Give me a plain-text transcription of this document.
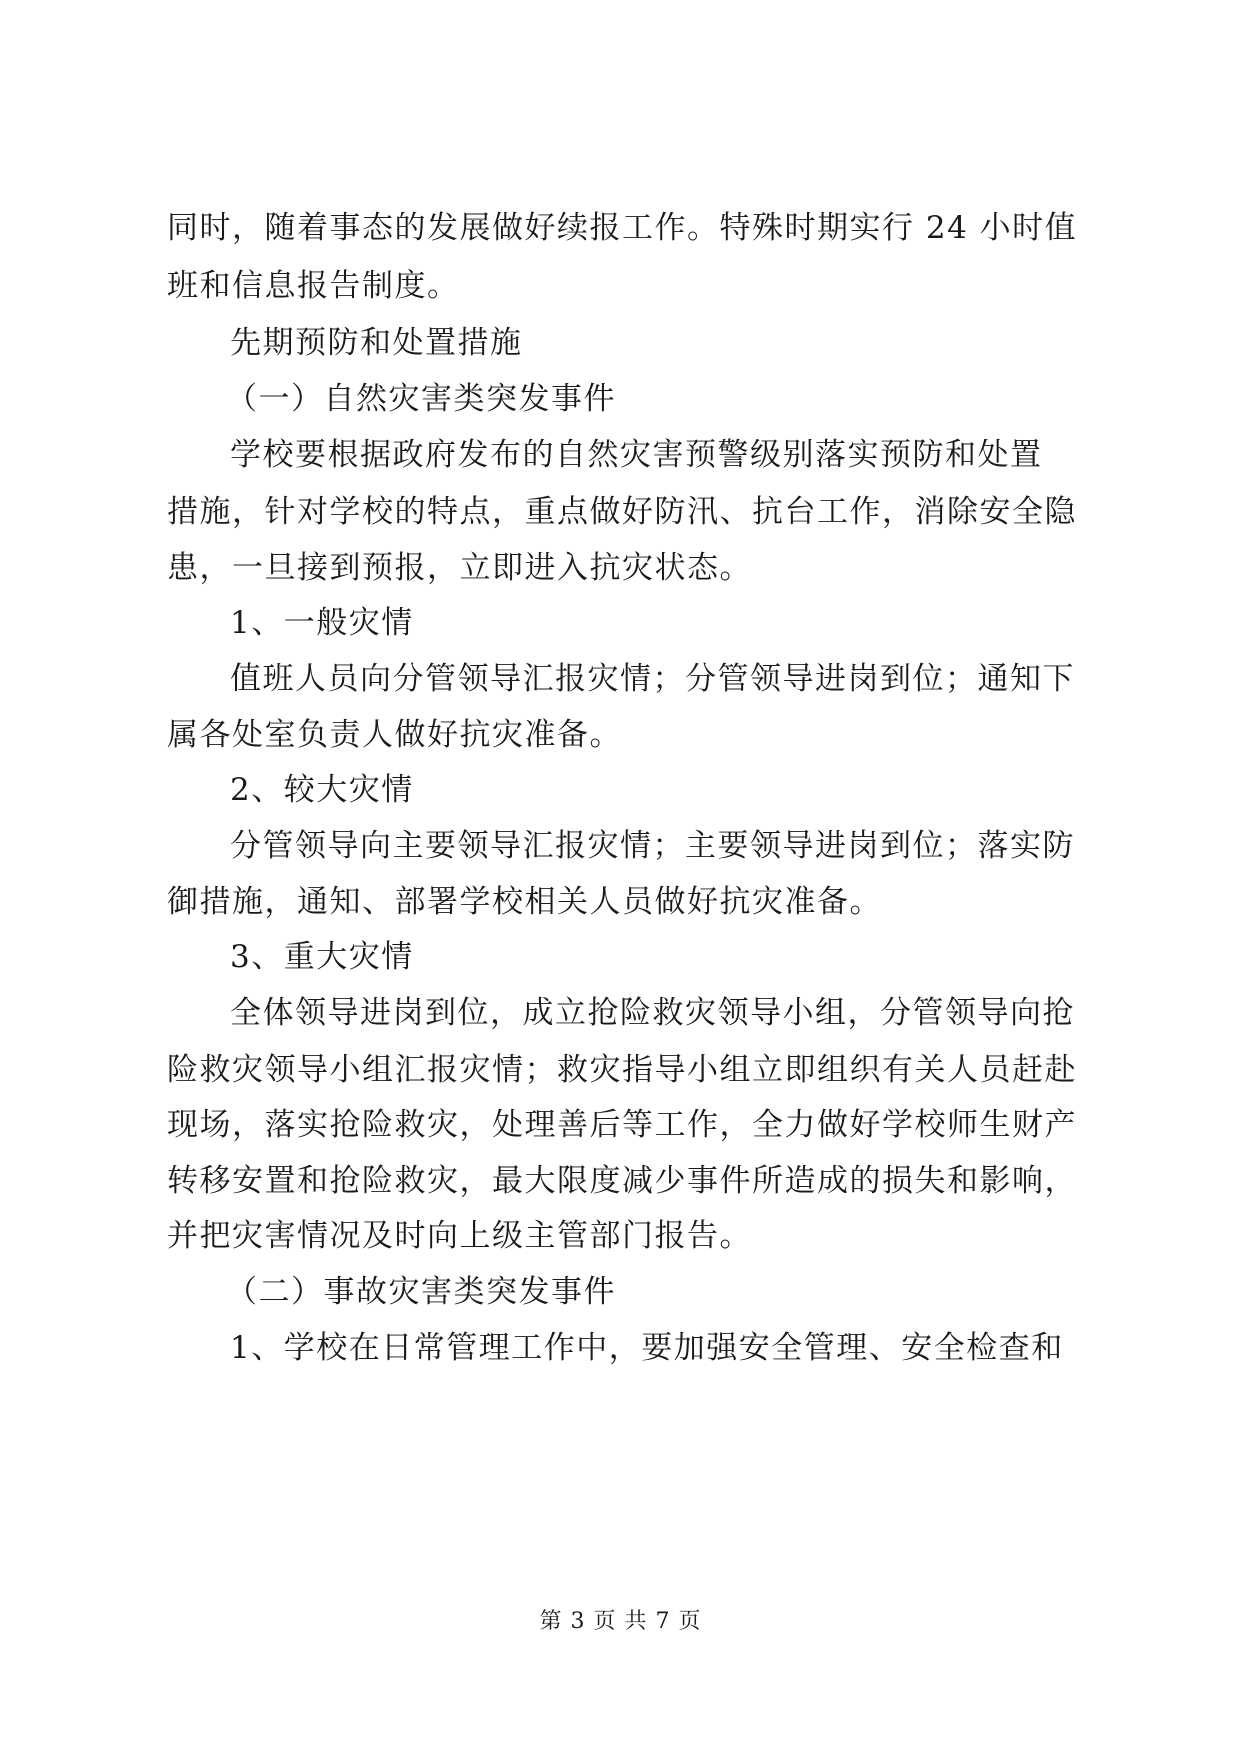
同时，随着事态的发展做好续报工作。特殊时期实行 24 小时值
班和信息报告制度。
先期预防和处置措施
（一）自然灾害类突发事件
学校要根据政府发布的自然灾害预警级别落实预防和处置
措施，针对学校的特点，重点做好防汛、抗台工作，消除安全隐
患，一旦接到预报，立即进入抗灾状态。
1、一般灾情
值班人员向分管领导汇报灾情；分管领导进岗到位；通知下
属各处室负责人做好抗灾准备。
2、较大灾情
分管领导向主要领导汇报灾情；主要领导进岗到位；落实防
御措施，通知、部署学校相关人员做好抗灾准备。
3、重大灾情
全体领导进岗到位，成立抢险救灾领导小组，分管领导向抢
险救灾领导小组汇报灾情；救灾指导小组立即组织有关人员赶赴
现场，落实抢险救灾，处理善后等工作，全力做好学校师生财产
转移安置和抢险救灾，最大限度减少事件所造成的损失和影响，
并把灾害情况及时向上级主管部门报告。
（二）事故灾害类突发事件
1、学校在日常管理工作中，要加强安全管理、安全检查和
第 3 页 共 7 页
